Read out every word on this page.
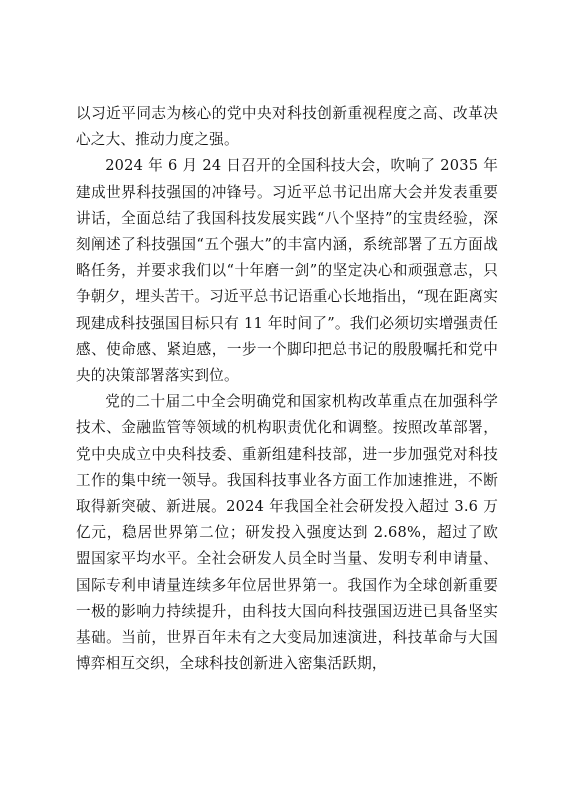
以习近平同志为核心的党中央对科技创新重视程度之高、改革决心之大、推动力度之强。

2024 年 6 月 24 日召开的全国科技大会，吹响了 2035 年建成世界科技强国的冲锋号。习近平总书记出席大会并发表重要讲话，全面总结了我国科技发展实践“八个坚持”的宝贵经验，深刻阐述了科技强国“五个强大”的丰富内涵，系统部署了五方面战略任务，并要求我们以“十年磨一剑”的坚定决心和顽强意志，只争朝夕，埋头苦干。习近平总书记语重心长地指出，“现在距离实现建成科技强国目标只有 11 年时间了”。我们必须切实增强责任感、使命感、紧迫感，一步一个脚印把总书记的殷殷嘱托和党中央的决策部署落实到位。

党的二十届二中全会明确党和国家机构改革重点在加强科学技术、金融监管等领域的机构职责优化和调整。按照改革部署，党中央成立中央科技委、重新组建科技部，进一步加强党对科技工作的集中统一领导。我国科技事业各方面工作加速推进，不断取得新突破、新进展。2024 年我国全社会研发投入超过 3.6 万亿元，稳居世界第二位；研发投入强度达到 2.68%，超过了欧盟国家平均水平。全社会研发人员全时当量、发明专利申请量、国际专利申请量连续多年位居世界第一。我国作为全球创新重要一极的影响力持续提升，由科技大国向科技强国迈进已具备坚实基础。当前，世界百年未有之大变局加速演进，科技革命与大国博弈相互交织，全球科技创新进入密集活跃期，
